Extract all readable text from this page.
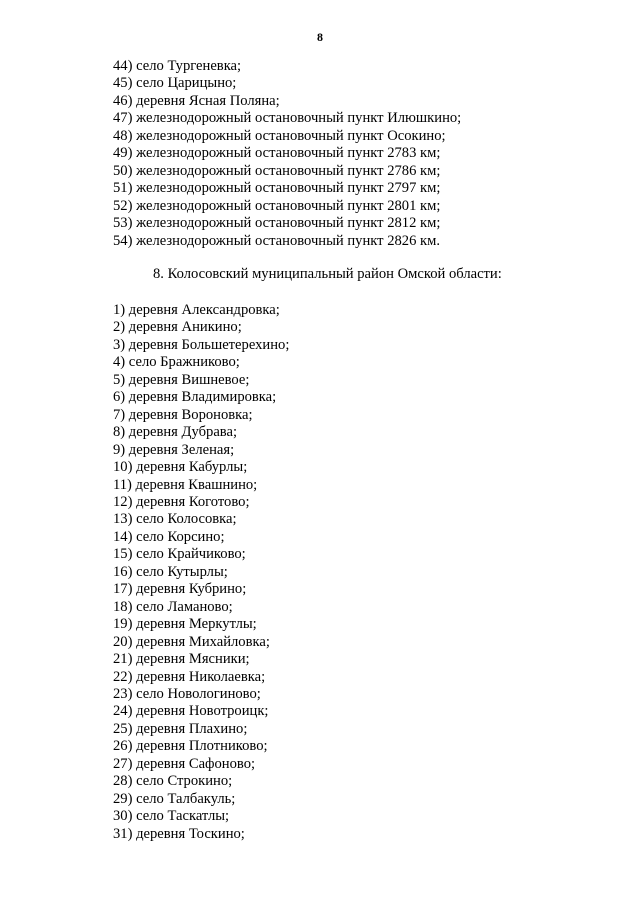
8
44) село Тургеневка;
45) село Царицыно;
46) деревня Ясная Поляна;
47) железнодорожный остановочный пункт Илюшкино;
48) железнодорожный остановочный пункт Осокино;
49) железнодорожный остановочный пункт 2783 км;
50) железнодорожный остановочный пункт 2786 км;
51) железнодорожный остановочный пункт 2797 км;
52) железнодорожный остановочный пункт 2801 км;
53) железнодорожный остановочный пункт 2812 км;
54) железнодорожный остановочный пункт 2826 км.
8. Колосовский муниципальный район Омской области:
1) деревня Александровка;
2) деревня Аникино;
3) деревня Большетерехино;
4) село Бражниково;
5) деревня Вишневое;
6) деревня Владимировка;
7) деревня Вороновка;
8) деревня Дубрава;
9) деревня Зеленая;
10) деревня Кабурлы;
11) деревня Квашнино;
12) деревня Коготово;
13) село Колосовка;
14) село Корсино;
15) село Крайчиково;
16) село Кутырлы;
17) деревня Кубрино;
18) село Ламаново;
19) деревня Меркутлы;
20) деревня Михайловка;
21) деревня Мясники;
22) деревня Николаевка;
23) село Новологиново;
24) деревня Новотроицк;
25) деревня Плахино;
26) деревня Плотниково;
27) деревня Сафоново;
28) село Строкино;
29) село Талбакуль;
30) село Таскатлы;
31) деревня Тоскино;
